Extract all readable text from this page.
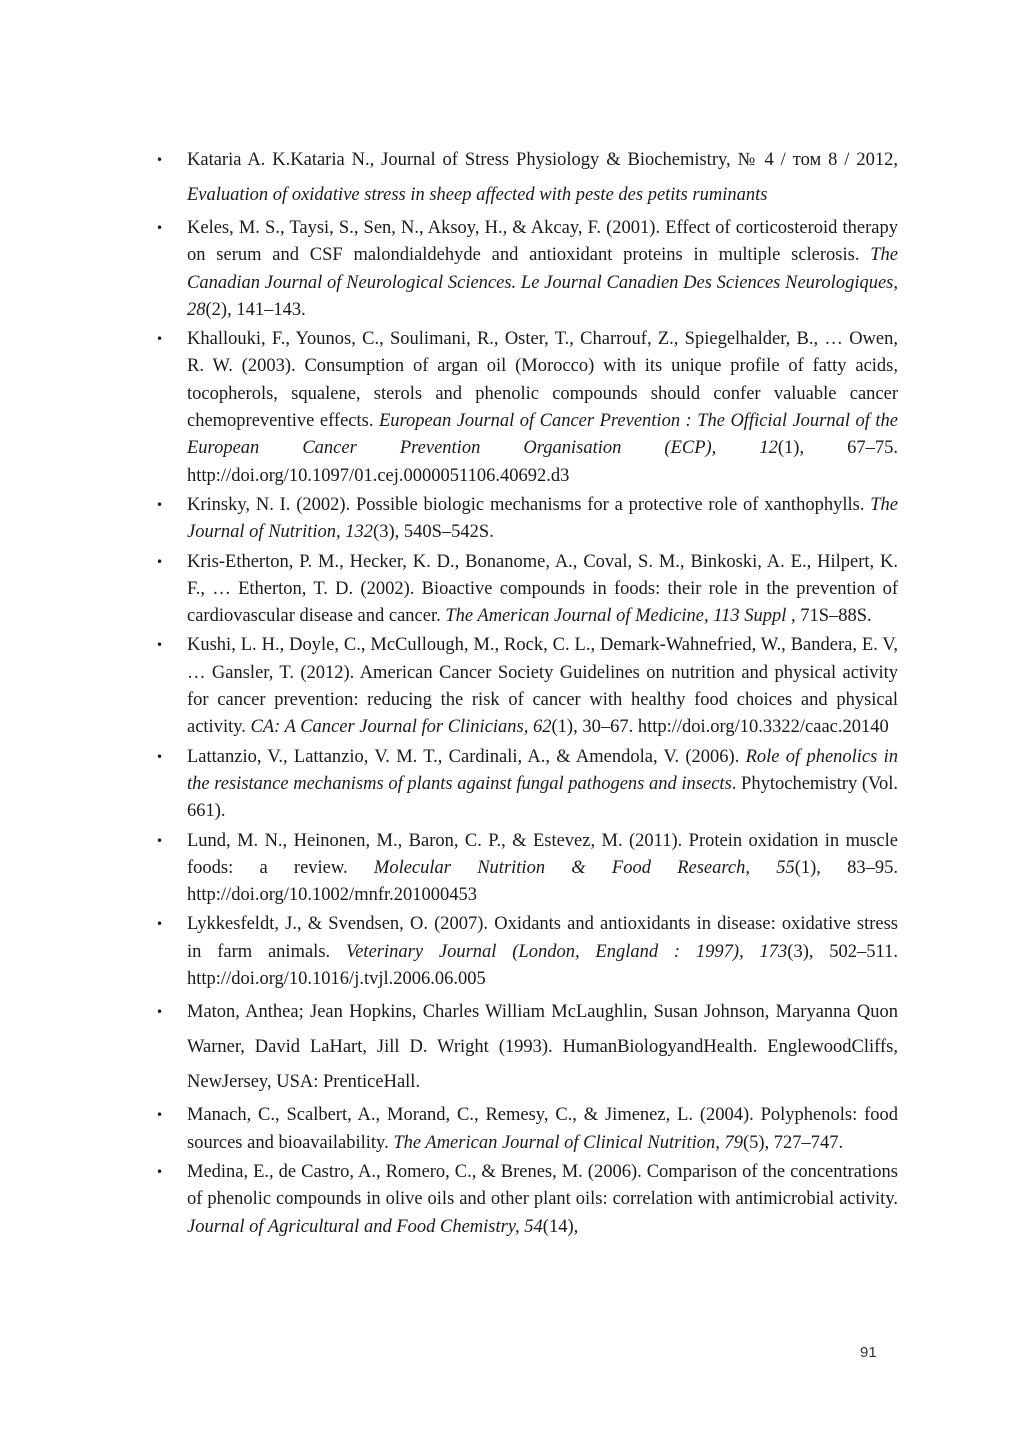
• Kataria A. K.Kataria N., Journal of Stress Physiology & Biochemistry, № 4 / том 8 / 2012, Evaluation of oxidative stress in sheep affected with peste des petits ruminants
• Keles, M. S., Taysi, S., Sen, N., Aksoy, H., & Akcay, F. (2001). Effect of corticosteroid therapy on serum and CSF malondialdehyde and antioxidant proteins in multiple sclerosis. The Canadian Journal of Neurological Sciences. Le Journal Canadien Des Sciences Neurologiques, 28(2), 141–143.
• Khallouki, F., Younos, C., Soulimani, R., Oster, T., Charrouf, Z., Spiegelhalder, B., … Owen, R. W. (2003). Consumption of argan oil (Morocco) with its unique profile of fatty acids, tocopherols, squalene, sterols and phenolic compounds should confer valuable cancer chemopreventive effects. European Journal of Cancer Prevention : The Official Journal of the European Cancer Prevention Organisation (ECP), 12(1), 67–75. http://doi.org/10.1097/01.cej.0000051106.40692.d3
• Krinsky, N. I. (2002). Possible biologic mechanisms for a protective role of xanthophylls. The Journal of Nutrition, 132(3), 540S–542S.
• Kris-Etherton, P. M., Hecker, K. D., Bonanome, A., Coval, S. M., Binkoski, A. E., Hilpert, K. F., … Etherton, T. D. (2002). Bioactive compounds in foods: their role in the prevention of cardiovascular disease and cancer. The American Journal of Medicine, 113 Suppl , 71S–88S.
• Kushi, L. H., Doyle, C., McCullough, M., Rock, C. L., Demark-Wahnefried, W., Bandera, E. V, … Gansler, T. (2012). American Cancer Society Guidelines on nutrition and physical activity for cancer prevention: reducing the risk of cancer with healthy food choices and physical activity. CA: A Cancer Journal for Clinicians, 62(1), 30–67. http://doi.org/10.3322/caac.20140
• Lattanzio, V., Lattanzio, V. M. T., Cardinali, A., & Amendola, V. (2006). Role of phenolics in the resistance mechanisms of plants against fungal pathogens and insects. Phytochemistry (Vol. 661).
• Lund, M. N., Heinonen, M., Baron, C. P., & Estevez, M. (2011). Protein oxidation in muscle foods: a review. Molecular Nutrition & Food Research, 55(1), 83–95. http://doi.org/10.1002/mnfr.201000453
• Lykkesfeldt, J., & Svendsen, O. (2007). Oxidants and antioxidants in disease: oxidative stress in farm animals. Veterinary Journal (London, England : 1997), 173(3), 502–511. http://doi.org/10.1016/j.tvjl.2006.06.005
• Maton, Anthea; Jean Hopkins, Charles William McLaughlin, Susan Johnson, Maryanna Quon Warner, David LaHart, Jill D. Wright (1993). HumanBiologyandHealth. EnglewoodCliffs, NewJersey, USA: PrenticeHall.
• Manach, C., Scalbert, A., Morand, C., Remesy, C., & Jimenez, L. (2004). Polyphenols: food sources and bioavailability. The American Journal of Clinical Nutrition, 79(5), 727–747.
• Medina, E., de Castro, A., Romero, C., & Brenes, M. (2006). Comparison of the concentrations of phenolic compounds in olive oils and other plant oils: correlation with antimicrobial activity. Journal of Agricultural and Food Chemistry, 54(14),
91
